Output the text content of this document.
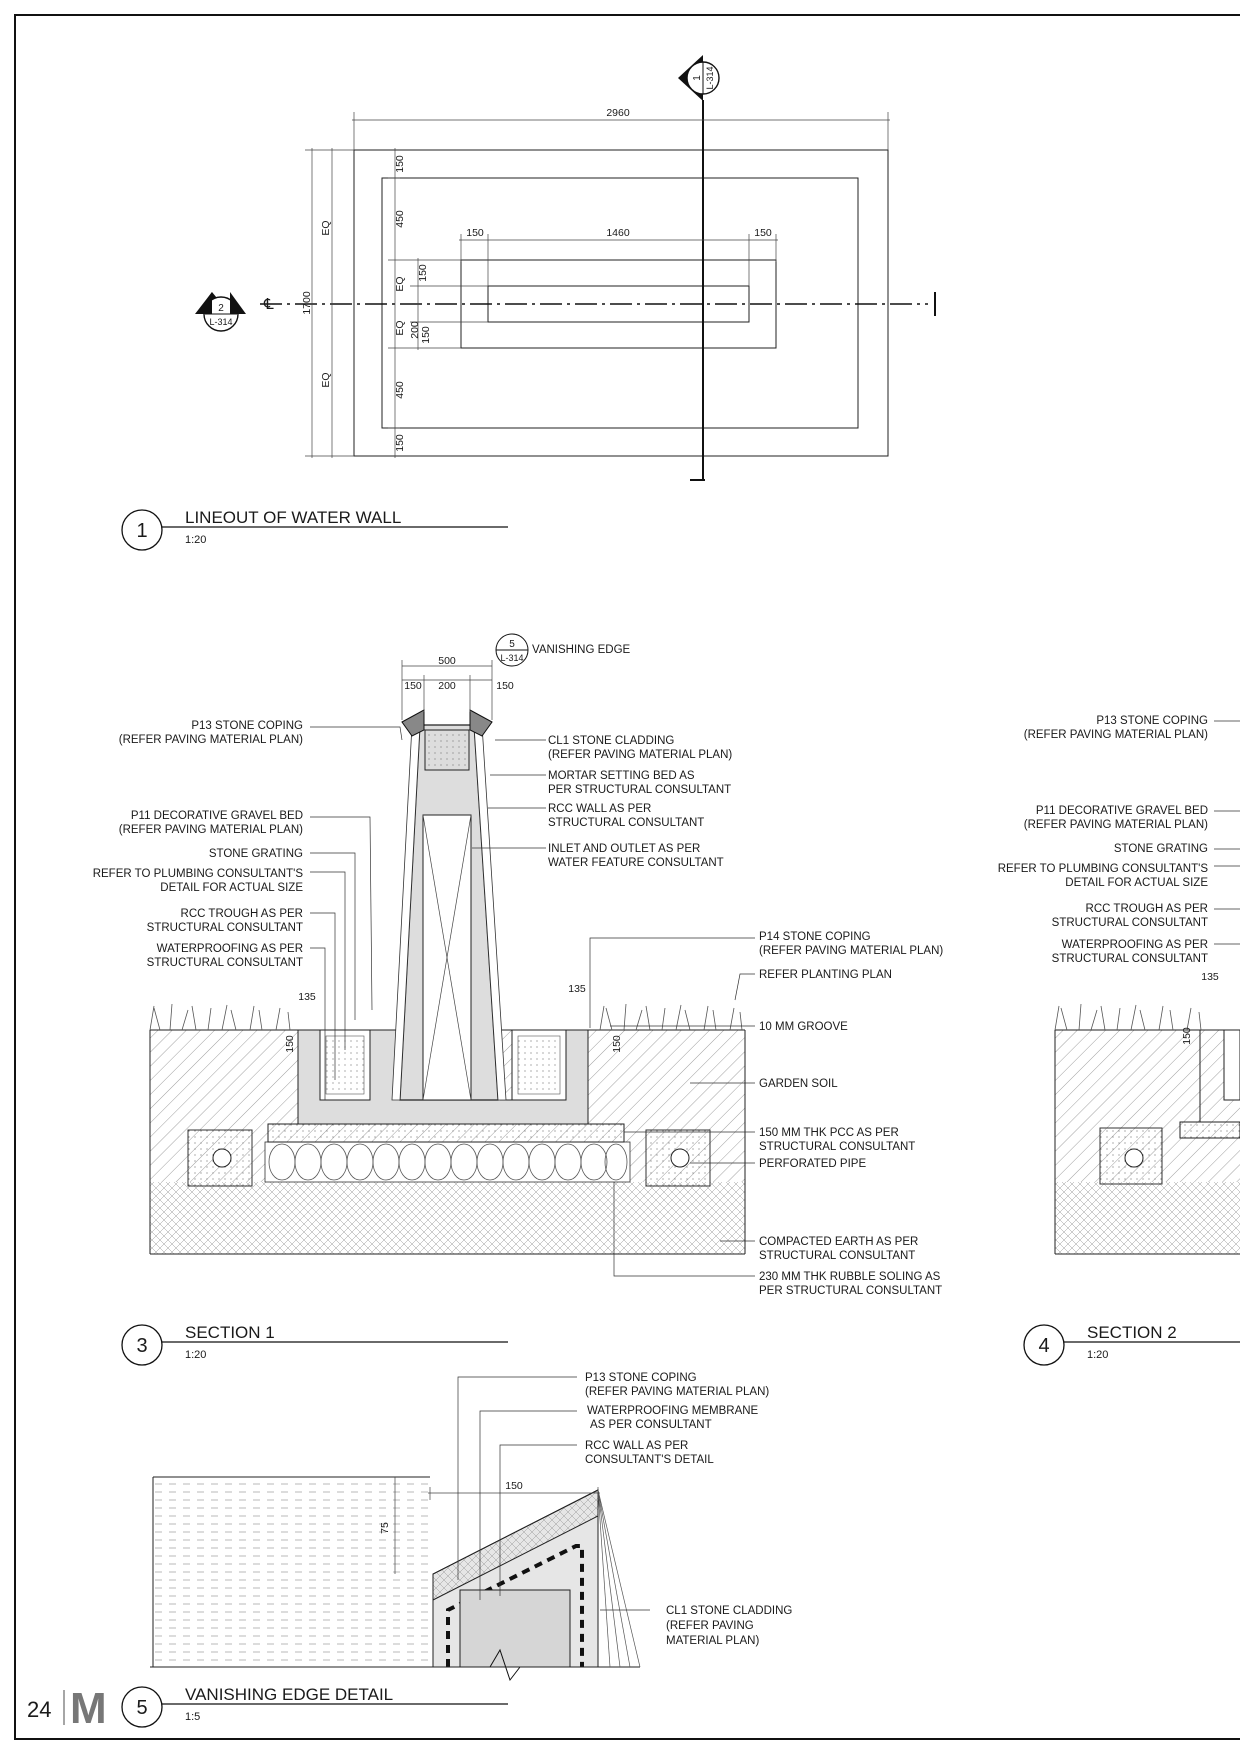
℄
2960
150	1460	150
1700
EQ
EQ
150
450
EQ
150
EQ 200 150
450
150
1 L-314
2
L-314
1
LINEOUT OF WATER WALL
1:20
500
150 200	150
135
135
150	150
5
L-314
VANISHING EDGE
P13 STONE COPING
(REFER PAVING MATERIAL PLAN)
P11 DECORATIVE GRAVEL BED
(REFER PAVING MATERIAL PLAN)
STONE GRATING
REFER TO PLUMBING CONSULTANT'S
DETAIL FOR ACTUAL SIZE
RCC TROUGH AS PER
STRUCTURAL CONSULTANT
WATERPROOFING AS PER
STRUCTURAL CONSULTANT
CL1 STONE CLADDING
(REFER PAVING MATERIAL PLAN)
MORTAR SETTING BED AS
PER STRUCTURAL CONSULTANT
RCC WALL AS PER
STRUCTURAL CONSULTANT
INLET AND OUTLET AS PER
WATER FEATURE CONSULTANT
P14 STONE COPING
(REFER PAVING MATERIAL PLAN)
REFER PLANTING PLAN
10 MM GROOVE
GARDEN SOIL
150 MM THK PCC AS PER
STRUCTURAL CONSULTANT
PERFORATED PIPE
COMPACTED EARTH AS PER
STRUCTURAL CONSULTANT
230 MM THK RUBBLE SOLING AS
PER STRUCTURAL CONSULTANT
3
SECTION 1
1:20
135
150
P13 STONE COPING
(REFER PAVING MATERIAL PLAN)
P11 DECORATIVE GRAVEL BED
(REFER PAVING MATERIAL PLAN)
STONE GRATING
REFER TO PLUMBING CONSULTANT'S
DETAIL FOR ACTUAL SIZE
RCC TROUGH AS PER
STRUCTURAL CONSULTANT
WATERPROOFING AS PER
STRUCTURAL CONSULTANT
4
SECTION 2
1:20
150
75
P13 STONE COPING
(REFER PAVING MATERIAL PLAN)
WATERPROOFING MEMBRANE
AS PER CONSULTANT
RCC WALL AS PER
CONSULTANT'S DETAIL
CL1 STONE CLADDING
(REFER PAVING
MATERIAL PLAN)
5
VANISHING EDGE DETAIL
1:5
24 M
